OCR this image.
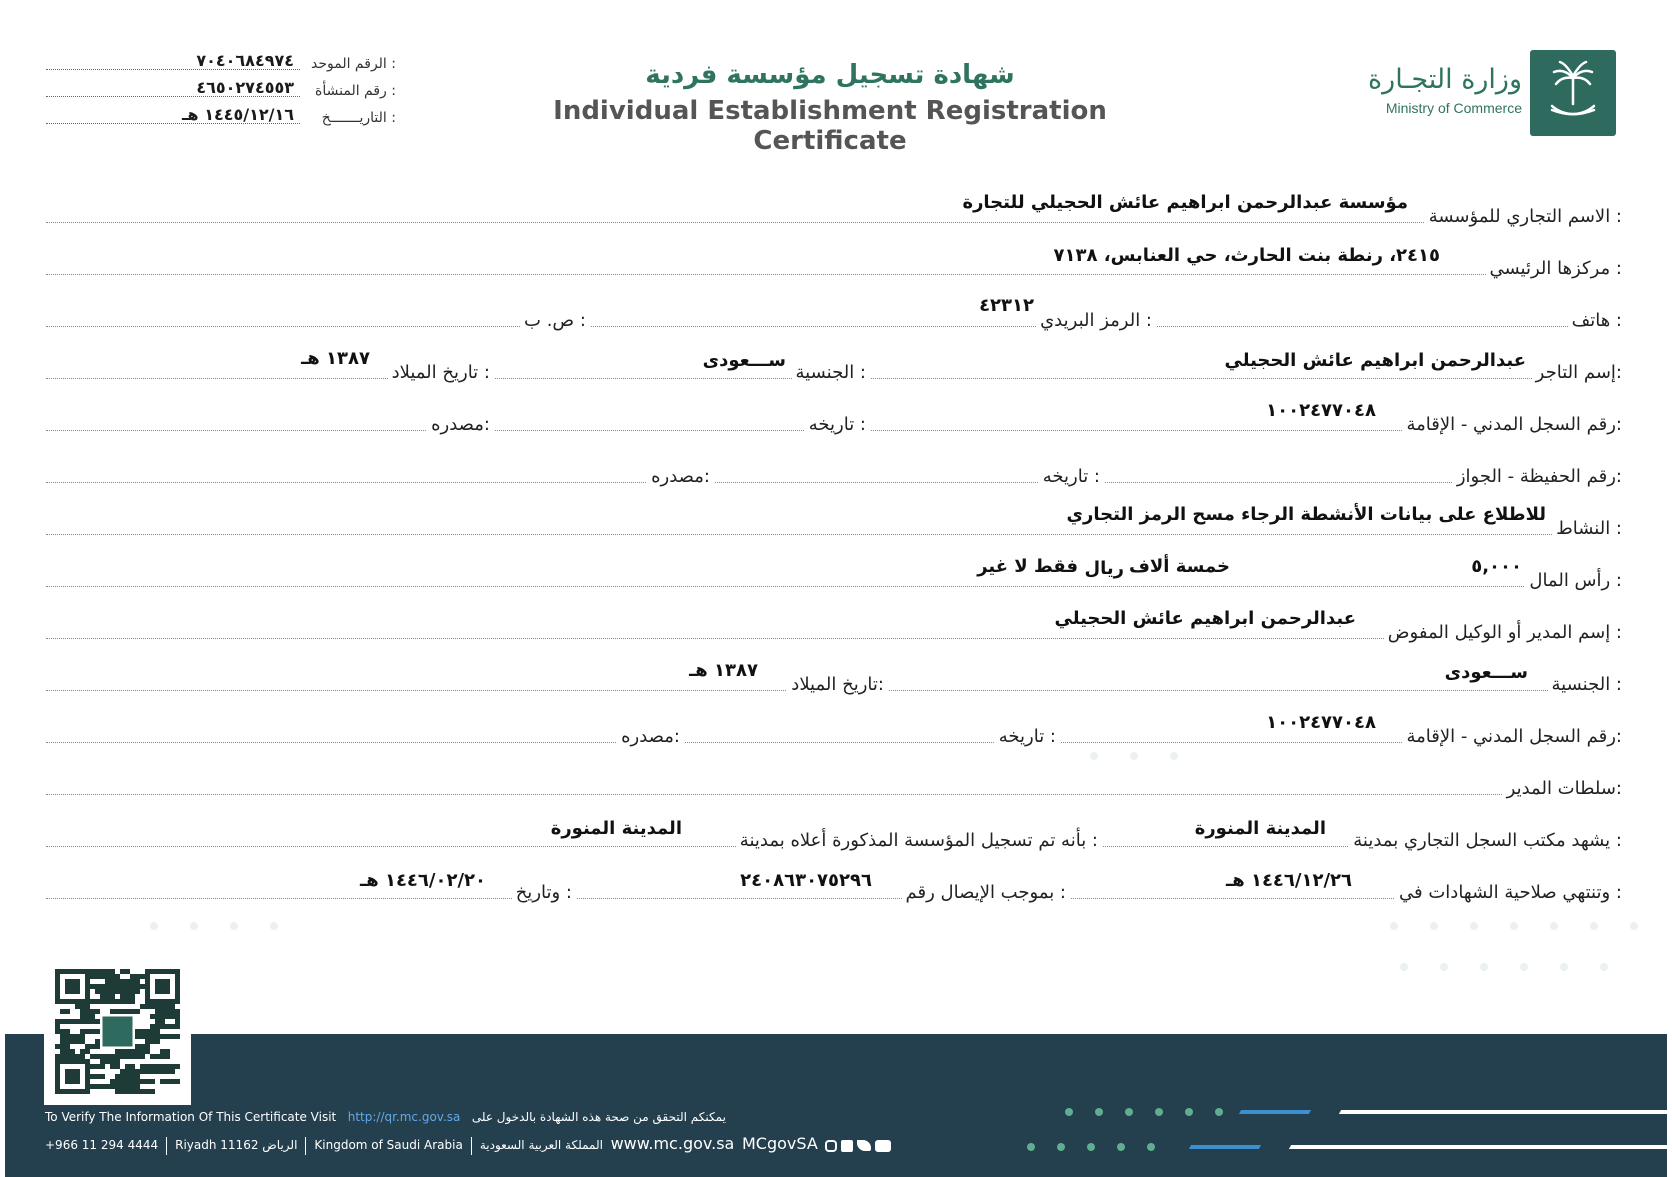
وزارة التجـارة
Ministry of Commerce
شهادة تسجيل مؤسسة فردية
Individual Establishment Registration Certificate
الرقم الموحد :
٧٠٤٠٦٨٤٩٧٤
رقم المنشأة :
٤٦٥٠٢٧٤٥٥٣
التاريـــــــخ :
١٤٤٥/١٢/١٦ هـ
الاسم التجاري للمؤسسة :
مؤسسة عبدالرحمن ابراهيم عائش الحجيلي للتجارة
مركزها الرئيسي :
٢٤١٥، رنطة بنت الحارث، حي العنابس، ٧١٣٨
هاتف :
الرمز البريدي :
٤٢٣١٢
ص. ب :
إسم التاجر:
عبدالرحمن ابراهيم عائش الحجيلي
الجنسية :
ســـعودى
تاريخ الميلاد :
١٣٨٧ هـ
رقم السجل المدني - الإقامة:
١٠٠٢٤٧٧٠٤٨
تاريخه :
مصدره:
رقم الحفيظة - الجواز:
تاريخه :
مصدره:
النشاط :
للاطلاع على بيانات الأنشطة الرجاء مسح الرمز التجاري
رأس المال :
٥,٠٠٠
خمسة ألاف
ريال
فقط لا غير
إسم المدير أو الوكيل المفوض :
عبدالرحمن ابراهيم عائش الحجيلي
الجنسية :
ســـعودى
تاريخ الميلاد:
١٣٨٧ هـ
رقم السجل المدني - الإقامة:
١٠٠٢٤٧٧٠٤٨
تاريخه :
مصدره:
سلطات المدير:
يشهد مكتب السجل التجاري بمدينة :
المدينة المنورة
بأنه تم تسجيل المؤسسة المذكورة أعلاه بمدينة :
المدينة المنورة
وتنتهي صلاحية الشهادات في :
١٤٤٦/١٢/٢٦ هـ
بموجب الإيصال رقم :
٢٤٠٨٦٣٠٧٥٢٩٦
وتاريخ :
١٤٤٦/٠٢/٢٠ هـ
To Verify The Information Of This Certificate Visit http://qr.mc.gov.sa يمكنكم التحقق من صحة هذه الشهادة بالدخول على
+966 11 294 4444 Riyadh 11162 الرياض Kingdom of Saudi Arabia المملكة العربية السعودية www.mc.gov.sa MCgovSA
